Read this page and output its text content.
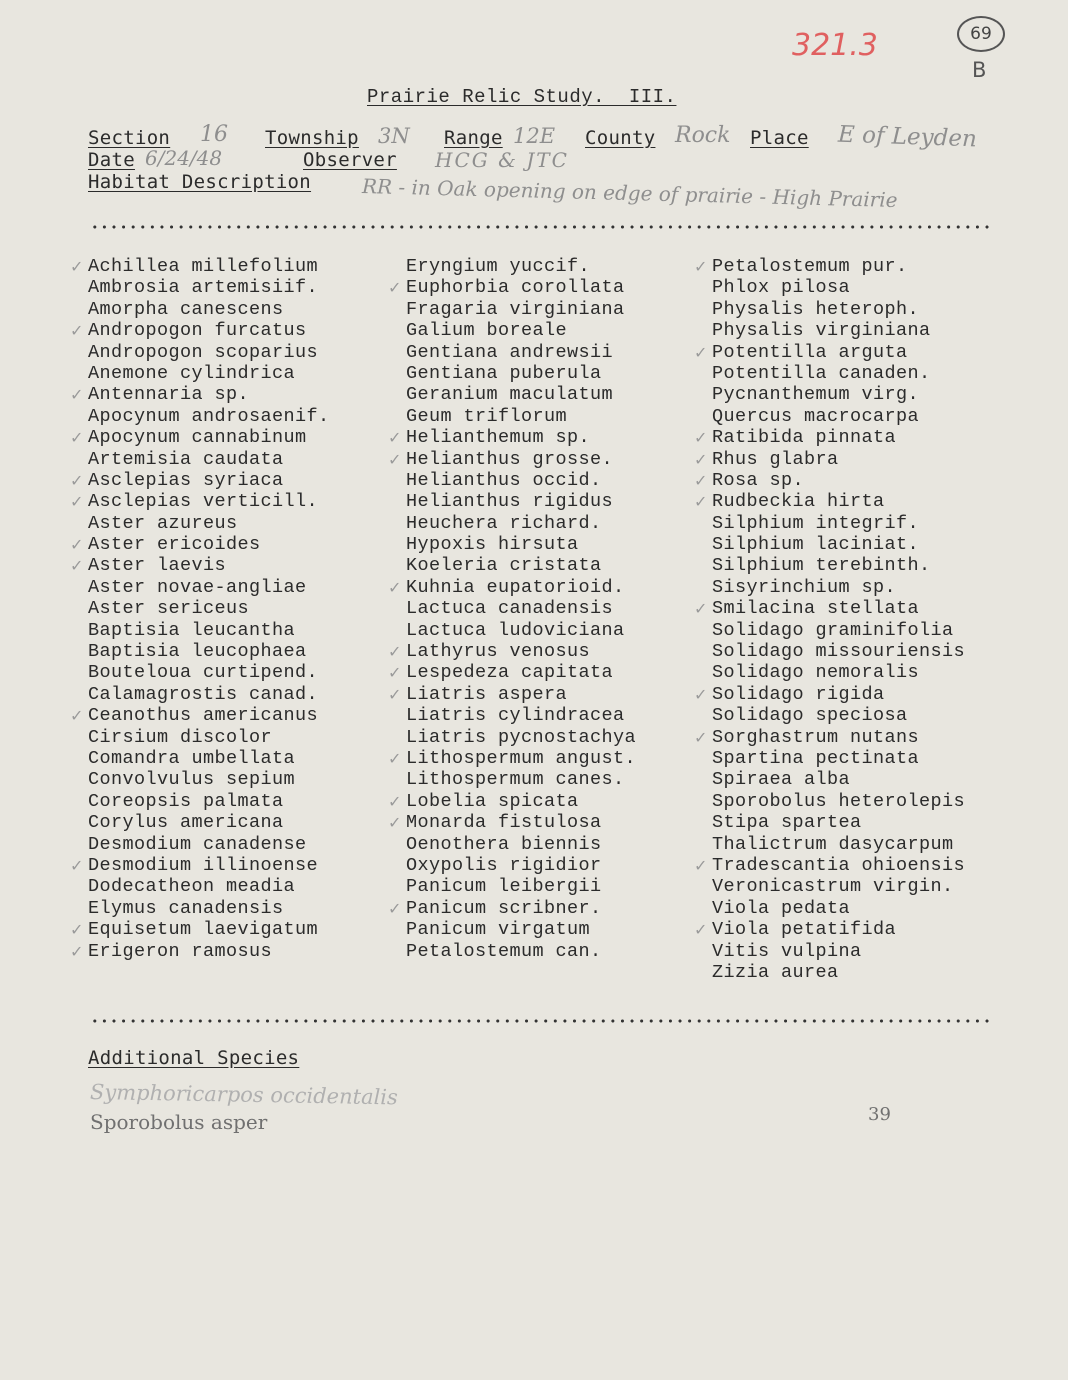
321.3	69
B
Prairie Relic Study.  III.
Section 16 Township 3N Range 12E County Rock Place E of Leyden
Date 6/24/48	Observer HCG & JTC
Habitat Description	RR - in Oak opening on edge of prairie - High Prairie
✓ Achillea millefolium
Ambrosia artemisiif.
Amorpha canescens
✓ Andropogon furcatus
Andropogon scoparius
Anemone cylindrica
✓ Antennaria sp.
Apocynum androsaenif.
✓ Apocynum cannabinum
Artemisia caudata
✓ Asclepias syriaca
✓ Asclepias verticill.
Aster azureus
✓ Aster ericoides
✓ Aster laevis
Aster novae-angliae
Aster sericeus
Baptisia leucantha
Baptisia leucophaea
Bouteloua curtipend.
Calamagrostis canad.
✓ Ceanothus americanus
Cirsium discolor
Comandra umbellata
Convolvulus sepium
Coreopsis palmata
Corylus americana
Desmodium canadense
✓ Desmodium illinoense
Dodecatheon meadia
Elymus canadensis
✓ Equisetum laevigatum
✓ Erigeron ramosus
Eryngium yuccif.
✓ Euphorbia corollata
Fragaria virginiana
Galium boreale
Gentiana andrewsii
Gentiana puberula
Geranium maculatum
Geum triflorum
✓ Helianthemum sp.
✓ Helianthus grosse.
Helianthus occid.
Helianthus rigidus
Heuchera richard.
Hypoxis hirsuta
Koeleria cristata
✓ Kuhnia eupatorioid.
Lactuca canadensis
Lactuca ludoviciana
✓ Lathyrus venosus
✓ Lespedeza capitata
✓ Liatris aspera
Liatris cylindracea
Liatris pycnostachya
✓ Lithospermum angust.
Lithospermum canes.
✓ Lobelia spicata
✓ Monarda fistulosa
Oenothera biennis
Oxypolis rigidior
Panicum leibergii
✓ Panicum scribner.
Panicum virgatum
Petalostemum can.
✓ Petalostemum pur.
Phlox pilosa
Physalis heteroph.
Physalis virginiana
✓ Potentilla arguta
Potentilla canaden.
Pycnanthemum virg.
Quercus macrocarpa
✓ Ratibida pinnata
✓ Rhus glabra
✓ Rosa sp.
✓ Rudbeckia hirta
Silphium integrif.
Silphium laciniat.
Silphium terebinth.
Sisyrinchium sp.
✓ Smilacina stellata
Solidago graminifolia
Solidago missouriensis
Solidago nemoralis
✓ Solidago rigida
Solidago speciosa
✓ Sorghastrum nutans
Spartina pectinata
Spiraea alba
Sporobolus heterolepis
Stipa spartea
Thalictrum dasycarpum
✓ Tradescantia ohioensis
Veronicastrum virgin.
Viola pedata
✓ Viola petatifida
Vitis vulpina
Zizia aurea
Additional Species
Symphoricarpos occidentalis
Sporobolus asper	39
